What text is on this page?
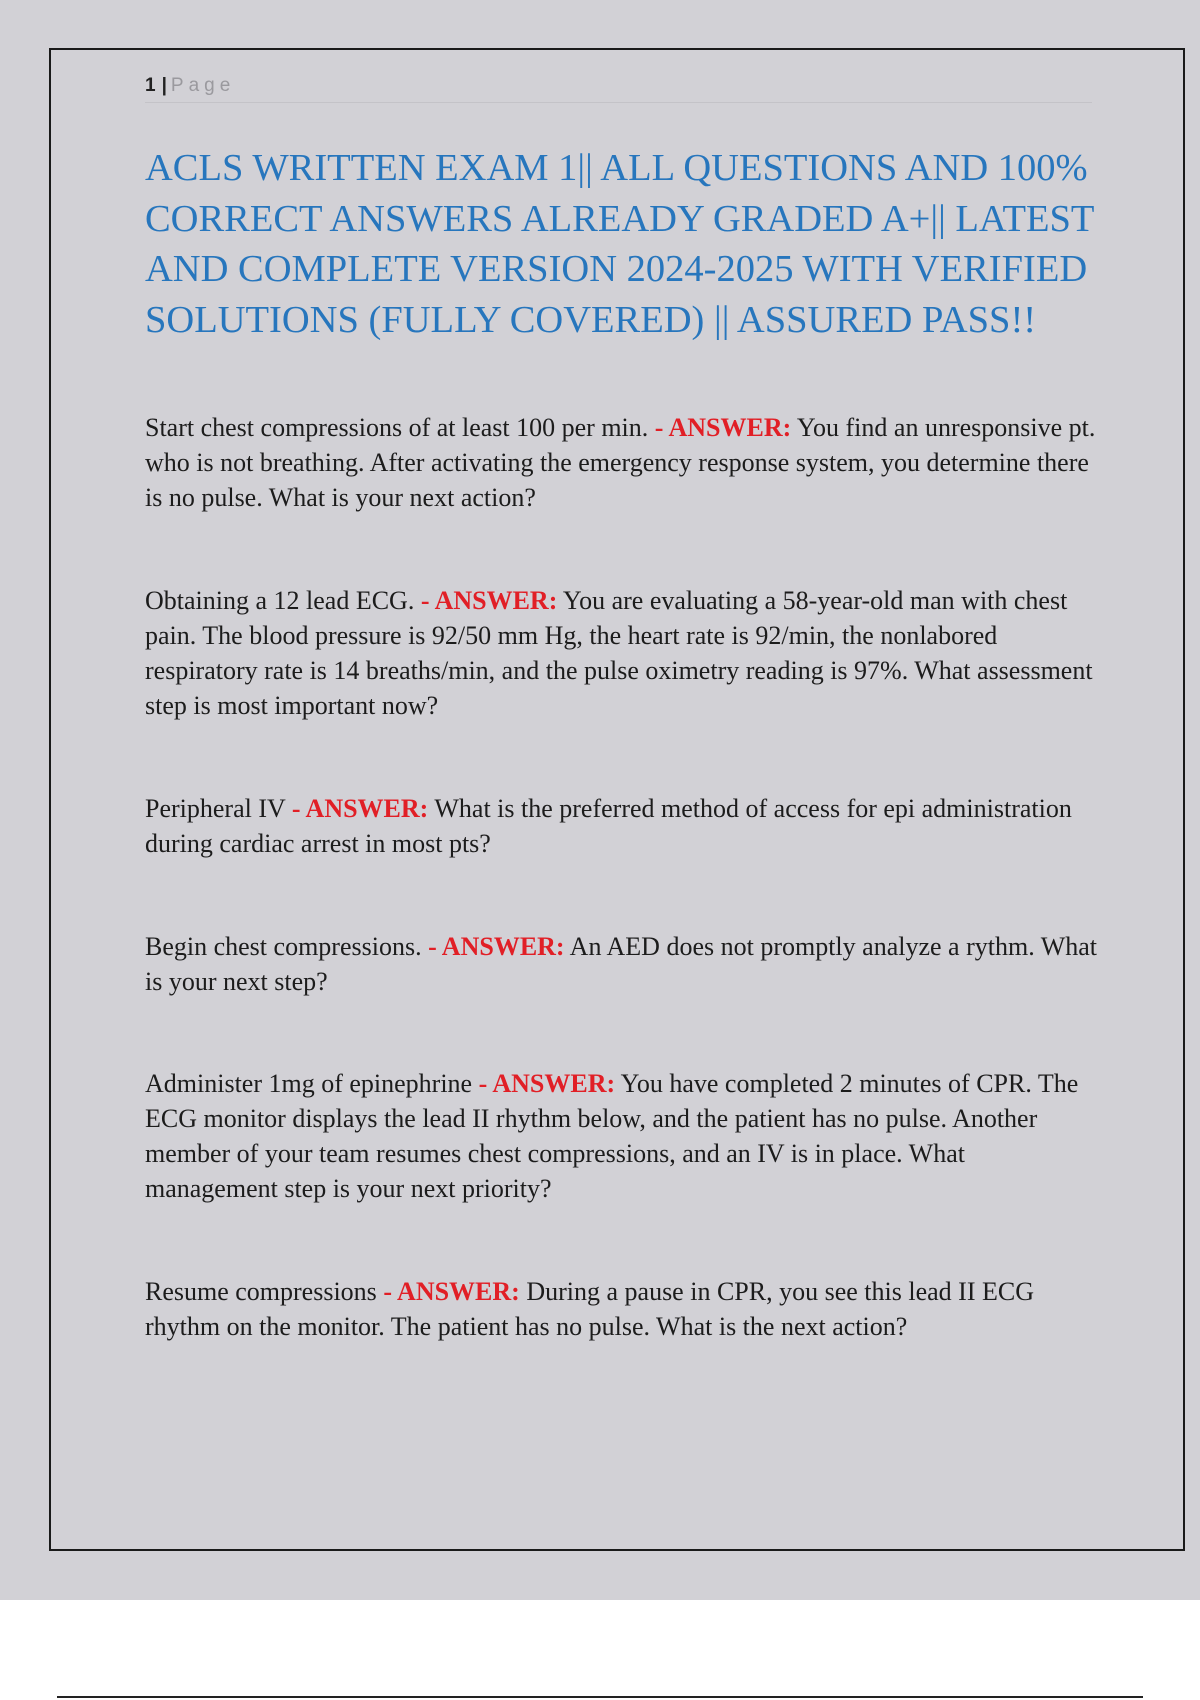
1 | Page
ACLS WRITTEN EXAM 1|| ALL QUESTIONS AND 100% CORRECT ANSWERS ALREADY GRADED A+|| LATEST AND COMPLETE VERSION 2024-2025 WITH VERIFIED SOLUTIONS (FULLY COVERED) || ASSURED PASS!!

Start chest compressions of at least 100 per min. - ANSWER: You find an unresponsive pt. who is not breathing. After activating the emergency response system, you determine there is no pulse. What is your next action?

Obtaining a 12 lead ECG. - ANSWER: You are evaluating a 58-year-old man with chest pain. The blood pressure is 92/50 mm Hg, the heart rate is 92/min, the nonlabored respiratory rate is 14 breaths/min, and the pulse oximetry reading is 97%. What assessment step is most important now?

Peripheral IV - ANSWER: What is the preferred method of access for epi administration during cardiac arrest in most pts?

Begin chest compressions. - ANSWER: An AED does not promptly analyze a rythm. What is your next step?

Administer 1mg of epinephrine - ANSWER: You have completed 2 minutes of CPR. The ECG monitor displays the lead II rhythm below, and the patient has no pulse. Another member of your team resumes chest compressions, and an IV is in place. What management step is your next priority?

Resume compressions - ANSWER: During a pause in CPR, you see this lead II ECG rhythm on the monitor. The patient has no pulse. What is the next action?
